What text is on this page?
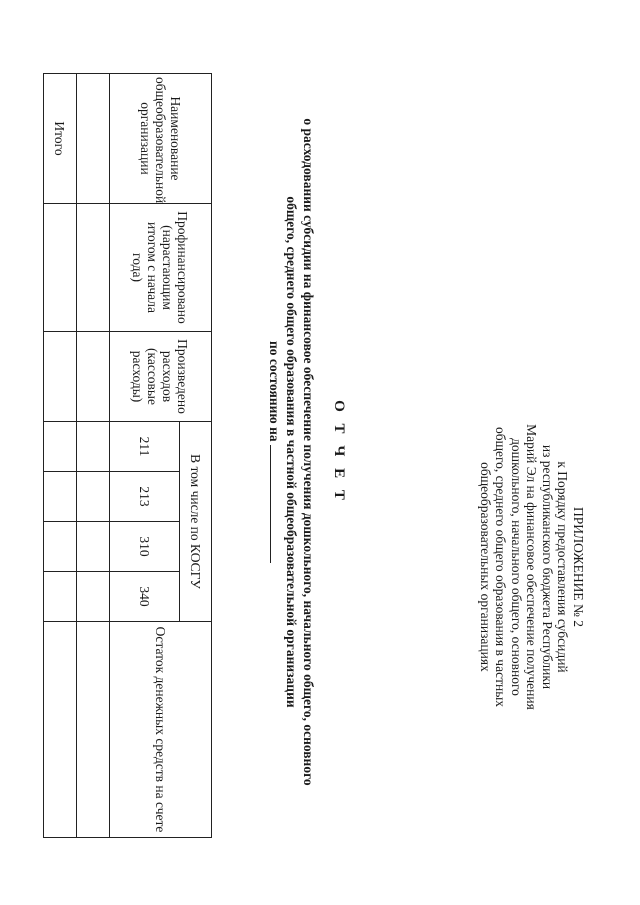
ПРИЛОЖЕНИЕ № 2
к Порядку предоставления субсидий
из республиканского бюджета Республики
Марий Эл на финансовое обеспечение получения
дошкольного, начального общего, основного
общего, среднего общего образования в частных
общеобразовательных организациях
О Т Ч Е Т
о расходовании субсидии на финансовое обеспечение получения дошкольного, начального общего, основного
общего, среднего общего образования в частной общеобразовательной организации
по состоянию на
Наименование общеобразовательной организации	Профинансировано (нарастающим итогом с начала года)	Произведено расходов (кассовые расходы)	В том числе по КОСГУ				Остаток денежных средств на счете
			211	213	310	340	

Итого							
